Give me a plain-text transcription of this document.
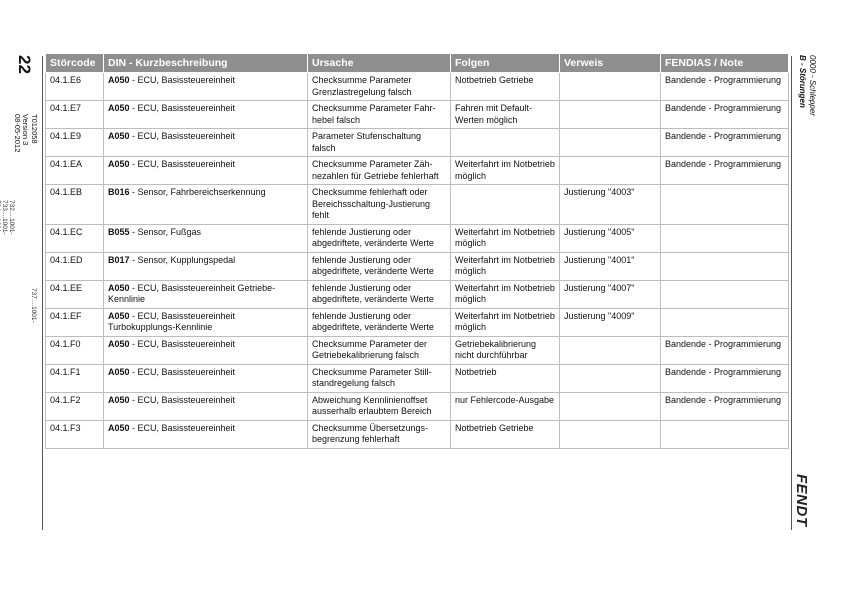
22
T012058
Version 3
08-05-2012
732....1001-
733....1001-
737....1001-
0000 - Schlepper
B - Störungen
FENDT
Störcode	DIN - Kurzbeschreibung	Ursache	Folgen	Verweis	FENDIAS / Note
04.1.E6	A050 - ECU, Basissteuereinheit	Checksumme Parameter Grenzlastregelung falsch	Notbetrieb Getriebe		Bandende - Programmierung
04.1.E7	A050 - ECU, Basissteuereinheit	Checksumme Parameter Fahrhebel falsch	Fahren mit DefaultWerten möglich		Bandende - Programmierung
04.1.E9	A050 - ECU, Basissteuereinheit	Parameter Stufenschaltung falsch			Bandende - Programmierung
04.1.EA	A050 - ECU, Basissteuereinheit	Checksumme Parameter Zähnezahlen für Getriebe fehlerhaft	Weiterfahrt im Notbetrieb möglich		Bandende - Programmierung
04.1.EB	B016 - Sensor, Fahrbereichserkennung	Checksumme fehlerhaft oder Bereichsschaltung-Justierung fehlt		Justierung "4003"	
04.1.EC	B055 - Sensor, Fußgas	fehlende Justierung oder abgedriftete, veränderte Werte	Weiterfahrt im Notbetrieb möglich	Justierung "4005"	
04.1.ED	B017 - Sensor, Kupplungspedal	fehlende Justierung oder abgedriftete, veränderte Werte	Weiterfahrt im Notbetrieb möglich	Justierung "4001"	
04.1.EE	A050 - ECU, Basissteuereinheit Getriebe-Kennlinie	fehlende Justierung oder abgedriftete, veränderte Werte	Weiterfahrt im Notbetrieb möglich	Justierung "4007"	
04.1.EF	A050 - ECU, Basissteuereinheit Turbokupplungs-Kennlinie	fehlende Justierung oder abgedriftete, veränderte Werte	Weiterfahrt im Notbetrieb möglich	Justierung "4009"	
04.1.F0	A050 - ECU, Basissteuereinheit	Checksumme Parameter der Getriebekalibrierung falsch	Getriebekalibrierung nicht durchführbar		Bandende - Programmierung
04.1.F1	A050 - ECU, Basissteuereinheit	Checksumme Parameter Stillstandregelung falsch	Notbetrieb		Bandende - Programmierung
04.1.F2	A050 - ECU, Basissteuereinheit	Abweichung Kennlinienoffset ausserhalb erlaubtem Bereich	nur Fehlercode-Ausgabe		Bandende - Programmierung
04.1.F3	A050 - ECU, Basissteuereinheit	Checksumme Übersetzungsbegrenzung fehlerhaft	Notbetrieb Getriebe		
